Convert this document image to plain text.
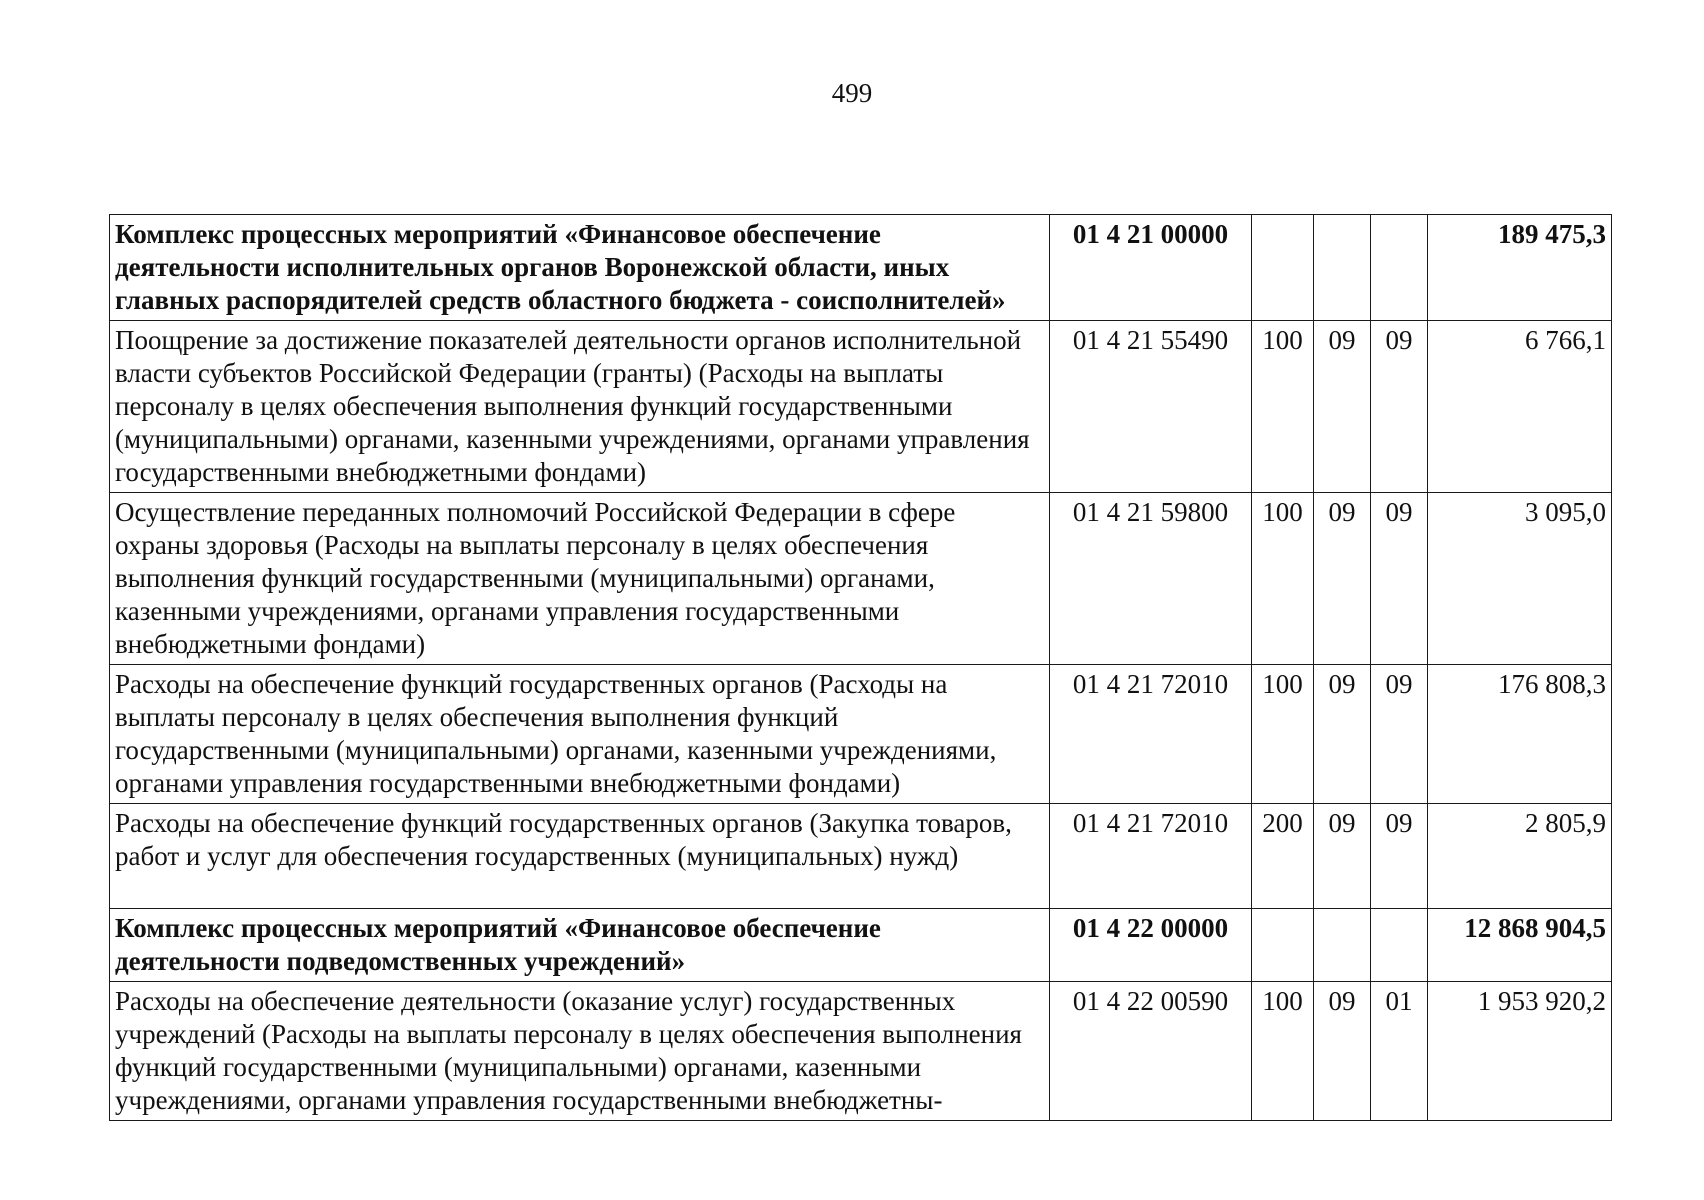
499
Комплекс процессных мероприятий «Финансовое обеспечение деятельности исполнительных органов Воронежской области, иных главных распорядителей средств областного бюджета - соисполнителей»	01 4 21 00000				189 475,3
Поощрение за достижение показателей деятельности органов исполнительной власти субъектов Российской Федерации (гранты) (Расходы на выплаты персоналу в целях обеспечения выполнения функций государственными (муниципальными) органами, казенными учреждениями, органами управления государственными внебюджетными фондами)	01 4 21 55490	100	09	09	6 766,1
Осуществление переданных полномочий Российской Федерации в сфере охраны здоровья (Расходы на выплаты персоналу в целях обеспечения выполнения функций государственными (муниципальными) органами, казенными учреждениями, органами управления государственными внебюджетными фондами)	01 4 21 59800	100	09	09	3 095,0
Расходы на обеспечение функций государственных органов (Расходы на выплаты персоналу в целях обеспечения выполнения функций государственными (муниципальными) органами, казенными учреждениями, органами управления государственными внебюджетными фондами)	01 4 21 72010	100	09	09	176 808,3
Расходы на обеспечение функций государственных органов (Закупка товаров, работ и услуг для обеспечения государственных (муниципальных) нужд)	01 4 21 72010	200	09	09	2 805,9
Комплекс процессных мероприятий «Финансовое обеспечение деятельности подведомственных учреждений»	01 4 22 00000				12 868 904,5
Расходы на обеспечение деятельности (оказание услуг) государственных учреждений (Расходы на выплаты персоналу в целях обеспечения выполнения функций государственными (муниципальными) органами, казенными учреждениями, органами управления государственными внебюджетны-	01 4 22 00590	100	09	01	1 953 920,2
